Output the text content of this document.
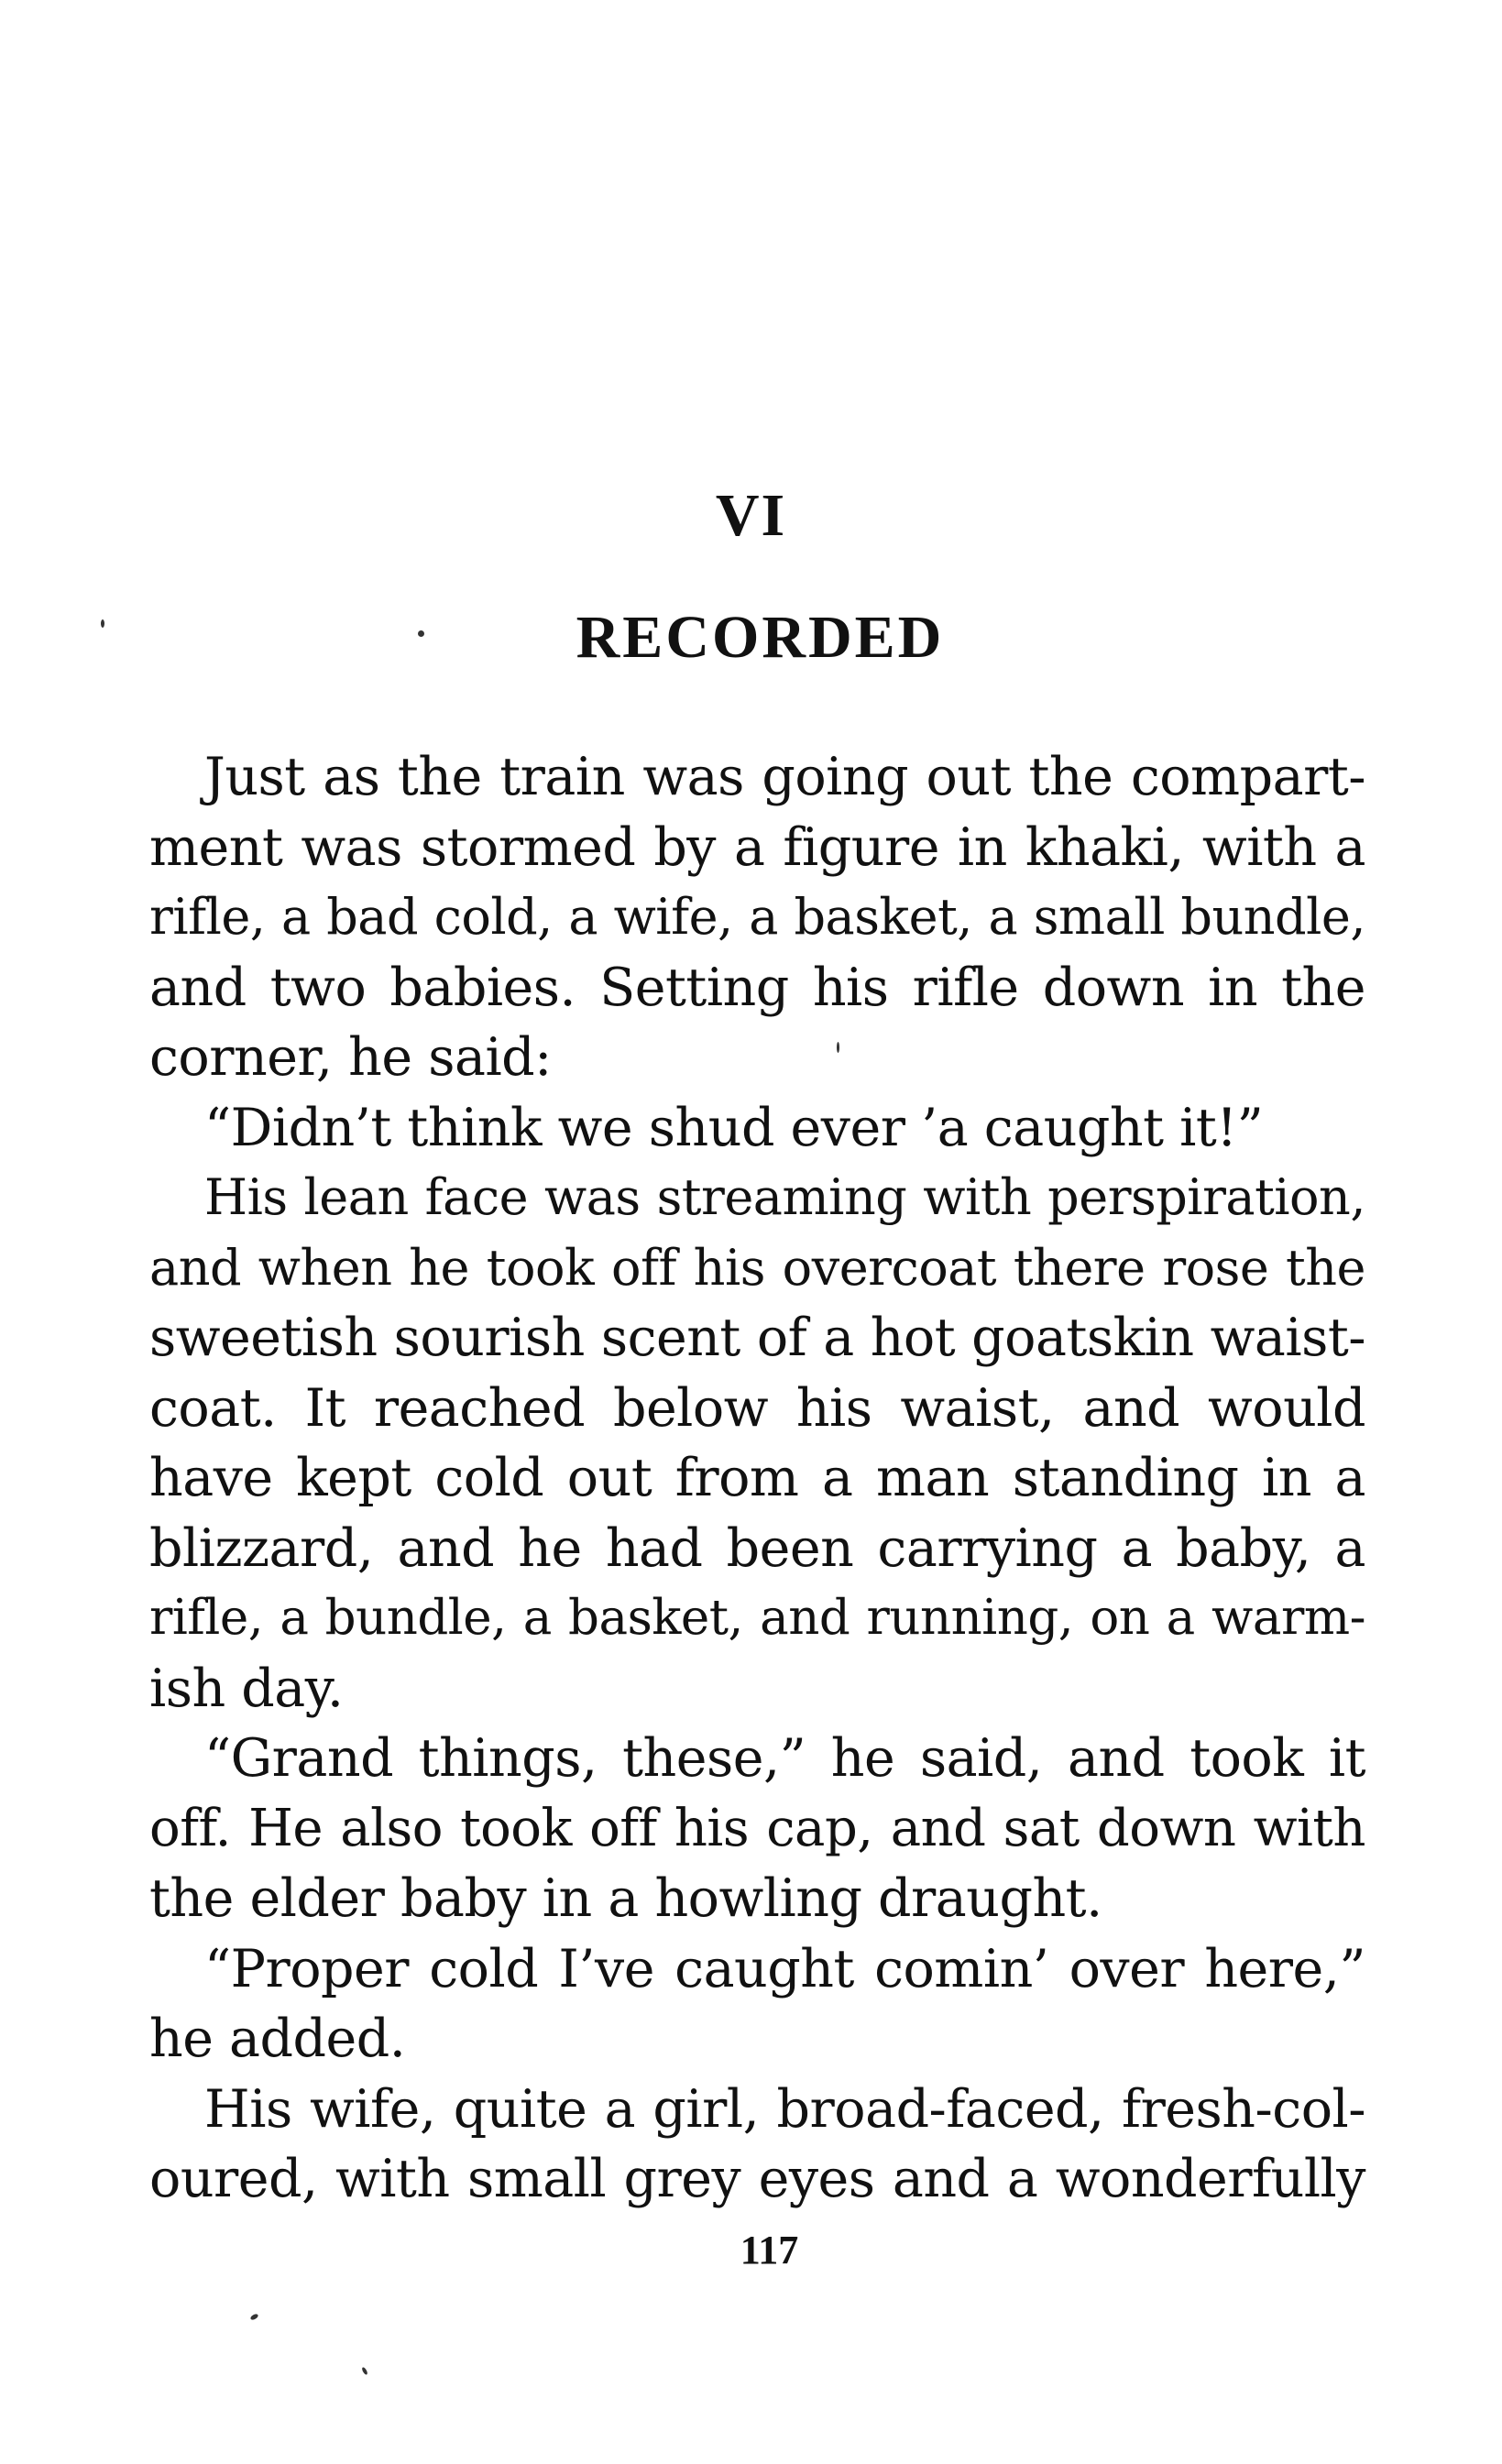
VI
RECORDED
Just as the train was going out the compart-
ment was stormed by a figure in khaki, with a
rifle, a bad cold, a wife, a basket, a small bundle,
and two babies. Setting his rifle down in the
corner, he said:
“Didn’t think we shud ever ’a caught it!”
His lean face was streaming with perspiration,
and when he took off his overcoat there rose the
sweetish sourish scent of a hot goatskin waist-
coat. It reached below his waist, and would
have kept cold out from a man standing in a
blizzard, and he had been carrying a baby, a
rifle, a bundle, a basket, and running, on a warm-
ish day.
“Grand things, these,” he said, and took it
off. He also took off his cap, and sat down with
the elder baby in a howling draught.
“Proper cold I’ve caught comin’ over here,”
he added.
His wife, quite a girl, broad-faced, fresh-col-
oured, with small grey eyes and a wonderfully
117
